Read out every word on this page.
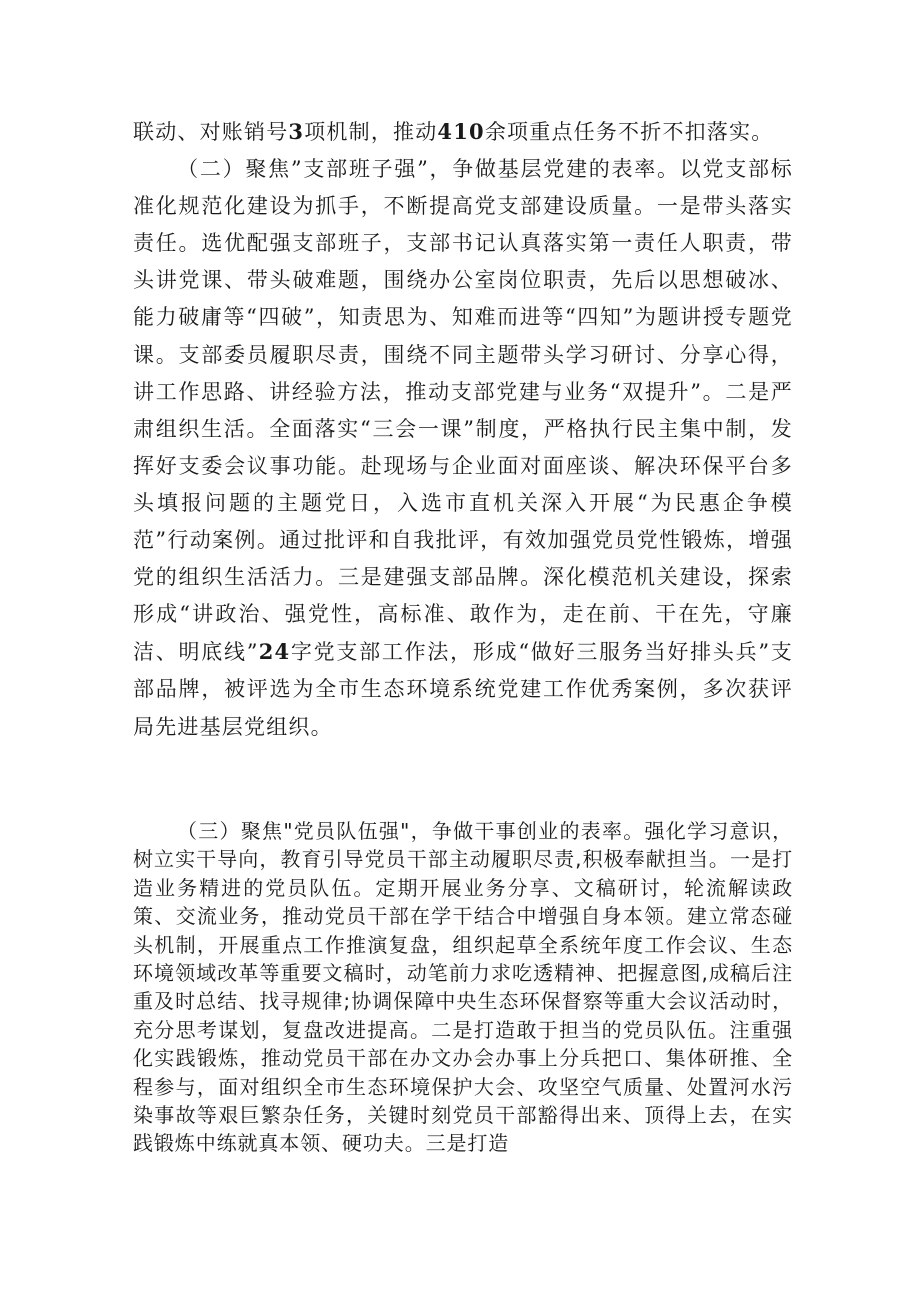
联动、对账销号3项机制，推动410余项重点任务不折不扣落实。

（二）聚焦”支部班子强”，争做基层党建的表率。以党支部标准化规范化建设为抓手，不断提高党支部建设质量。一是带头落实责任。选优配强支部班子，支部书记认真落实第一责任人职责，带头讲党课、带头破难题，围绕办公室岗位职责，先后以思想破冰、能力破庸等“四破”，知责思为、知难而进等“四知”为题讲授专题党课。支部委员履职尽责，围绕不同主题带头学习研讨、分享心得，讲工作思路、讲经验方法，推动支部党建与业务“双提升”。二是严肃组织生活。全面落实“三会一课”制度，严格执行民主集中制，发挥好支委会议事功能。赴现场与企业面对面座谈、解决环保平台多头填报问题的主题党日，入选市直机关深入开展“为民惠企争模范”行动案例。通过批评和自我批评，有效加强党员党性锻炼，增强党的组织生活活力。三是建强支部品牌。深化模范机关建设，探索形成“讲政治、强党性，高标准、敢作为，走在前、干在先，守廉洁、明底线”24字党支部工作法，形成“做好三服务当好排头兵”支部品牌，被评选为全市生态环境系统党建工作优秀案例，多次获评局先进基层党组织。

（三）聚焦"党员队伍强"，争做干事创业的表率。强化学习意识，树立实干导向，教育引导党员干部主动履职尽责,积极奉献担当。一是打造业务精进的党员队伍。定期开展业务分享、文稿研讨，轮流解读政策、交流业务，推动党员干部在学干结合中增强自身本领。建立常态碰头机制，开展重点工作推演复盘，组织起草全系统年度工作会议、生态环境领域改革等重要文稿时，动笔前力求吃透精神、把握意图,成稿后注重及时总结、找寻规律;协调保障中央生态环保督察等重大会议活动时，充分思考谋划，复盘改进提高。二是打造敢于担当的党员队伍。注重强化实践锻炼，推动党员干部在办文办会办事上分兵把口、集体研推、全程参与，面对组织全市生态环境保护大会、攻坚空气质量、处置河水污染事故等艰巨繁杂任务，关键时刻党员干部豁得出来、顶得上去，在实践锻炼中练就真本领、硬功夫。三是打造
